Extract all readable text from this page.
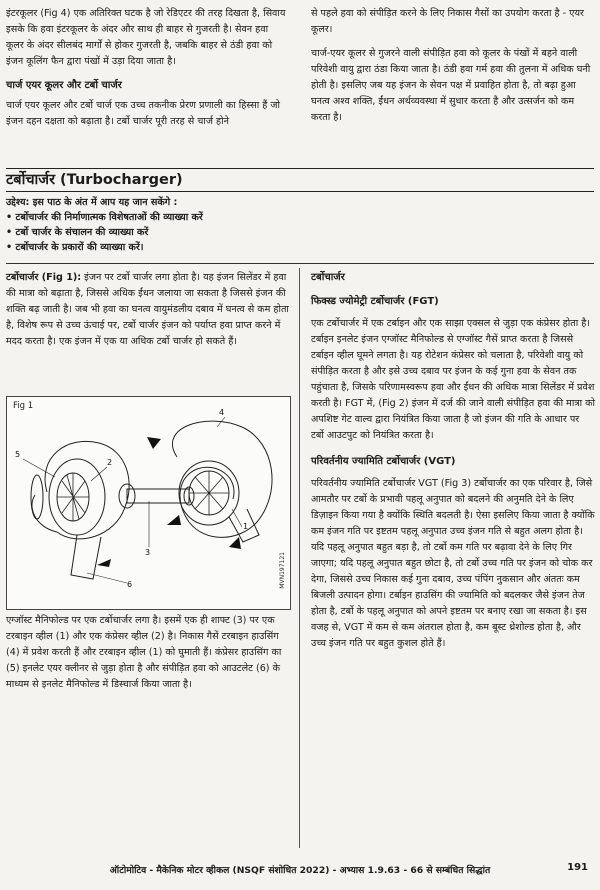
इंटरकूलर (Fig 4) एक अतिरिक्त घटक है जो रेडिएटर की तरह दिखता है, सिवाय इसके कि हवा इंटरकूलर के अंदर और साथ ही बाहर से गुजरती है। सेवन हवा कूलर के अंदर सीलबंद मार्गों से होकर गुजरती है, जबकि बाहर से ठंडी हवा को इंजन कूलिंग फैन द्वारा पंखों में उड़ा दिया जाता है।

चार्ज एयर कूलर और टर्बो चार्जर

चार्ज एयर कूलर और टर्बो चार्ज एक उच्च तकनीक प्रेरण प्रणाली का हिस्सा हैं जो इंजन दहन दक्षता को बढ़ाता है। टर्बो चार्जर पूरी तरह से चार्ज होने

से पहले हवा को संपीड़ित करने के लिए निकास गैसों का उपयोग करता है - एयर कूलर।

चार्ज-एयर कूलर से गुजरने वाली संपीड़ित हवा को कूलर के पंखों में बहने वाली परिवेशी वायु द्वारा ठंडा किया जाता है। ठंडी हवा गर्म हवा की तुलना में अधिक घनी होती है। इसलिए जब यह इंजन के सेवन पक्ष में प्रवाहित होता है, तो बढ़ा हुआ घनत्व अश्व शक्ति, ईंधन अर्थव्यवस्था में सुधार करता है और उत्सर्जन को कम करता है।

टर्बोचार्जर (Turbocharger)

उद्देश्य: इस पाठ के अंत में आप यह जान सकेंगे :

• टर्बोचार्जर की निर्माणात्मक विशेषताओं की व्याख्या करें
• टर्बो चार्जर के संचालन की व्याख्या करें
• टर्बोचार्जर के प्रकारों की व्याख्या करें।

टर्बोचार्जर (Fig 1): इंजन पर टर्बो चार्जर लगा होता है। यह इंजन सिलेंडर में हवा की मात्रा को बढ़ाता है, जिससे अधिक ईंधन जलाया जा सकता है जिससे इंजन की शक्ति बढ़ जाती है। जब भी हवा का घनत्व वायुमंडलीय दबाव में घनत्व से कम होता है, विशेष रूप से उच्च ऊंचाई पर, टर्बो चार्जर इंजन को पर्याप्त हवा प्राप्त करने में मदद करता है। एक इंजन में एक या अधिक टर्बो चार्जर हो सकते हैं।

Fig 1
MVN197121
5
2
3
4
1
6

एग्जॉस्ट मैनिफोल्ड पर एक टर्बोचार्जर लगा है। इसमें एक ही शाफ्ट (3) पर एक टरबाइन व्हील (1) और एक कंप्रेसर व्हील (2) है। निकास गैसें टरबाइन हाउसिंग (4) में प्रवेश करती हैं और टरबाइन व्हील (1) को घुमाती हैं। कंप्रेसर हाउसिंग का (5) इनलेट एयर क्लीनर से जुड़ा होता है और संपीड़ित हवा को आउटलेट (6) के माध्यम से इनलेट मैनिफोल्ड में डिस्चार्ज किया जाता है।

टर्बोचार्जर

फिक्स्ड ज्योमेट्री टर्बोचार्जर (FGT)

एक टर्बोचार्जर में एक टर्बाइन और एक साझा एक्सल से जुड़ा एक कंप्रेसर होता है। टर्बाइन इनलेट इंजन एग्जॉस्ट मैनिफोल्ड से एग्जॉस्ट गैसें प्राप्त करता है जिससे टर्बाइन व्हील घूमने लगता है। यह रोटेशन कंप्रेसर को चलाता है, परिवेशी वायु को संपीड़ित करता है और इसे उच्च दबाव पर इंजन के कई गुना हवा के सेवन तक पहुंचाता है, जिसके परिणामस्वरूप हवा और ईंधन की अधिक मात्रा सिलेंडर में प्रवेश करती है। FGT में, (Fig 2) इंजन में दर्ज की जाने वाली संपीड़ित हवा की मात्रा को अपशिष्ट गेट वाल्व द्वारा नियंत्रित किया जाता है जो इंजन की गति के आधार पर टर्बो आउटपुट को नियंत्रित करता है।

परिवर्तनीय ज्यामिति टर्बोचार्जर (VGT)

परिवर्तनीय ज्यामिति टर्बोचार्जर VGT (Fig 3) टर्बोचार्जर का एक परिवार है, जिसे आमतौर पर टर्बो के प्रभावी पहलू अनुपात को बदलने की अनुमति देने के लिए डिज़ाइन किया गया है क्योंकि स्थिति बदलती है। ऐसा इसलिए किया जाता है क्योंकि कम इंजन गति पर इष्टतम पहलू अनुपात उच्च इंजन गति से बहुत अलग होता है। यदि पहलू अनुपात बहुत बड़ा है, तो टर्बो कम गति पर बढ़ावा देने के लिए गिर जाएगा; यदि पहलू अनुपात बहुत छोटा है, तो टर्बो उच्च गति पर इंजन को चोक कर देगा, जिससे उच्च निकास कई गुना दबाव, उच्च पंपिंग नुकसान और अंततः कम बिजली उत्पादन होगा। टर्बाइन हाउसिंग की ज्यामिति को बदलकर जैसे इंजन तेज होता है, टर्बो के पहलू अनुपात को अपने इष्टतम पर बनाए रखा जा सकता है। इस वजह से, VGT में कम से कम अंतराल होता है, कम बूस्ट थ्रेशोल्ड होता है, और उच्च इंजन गति पर बहुत कुशल होते हैं।

ऑटोमोटिव - मैकेनिक मोटर व्हीकल (NSQF संशोधित 2022) - अभ्यास 1.9.63 - 66 से सम्बंधित सिद्धांत	191
